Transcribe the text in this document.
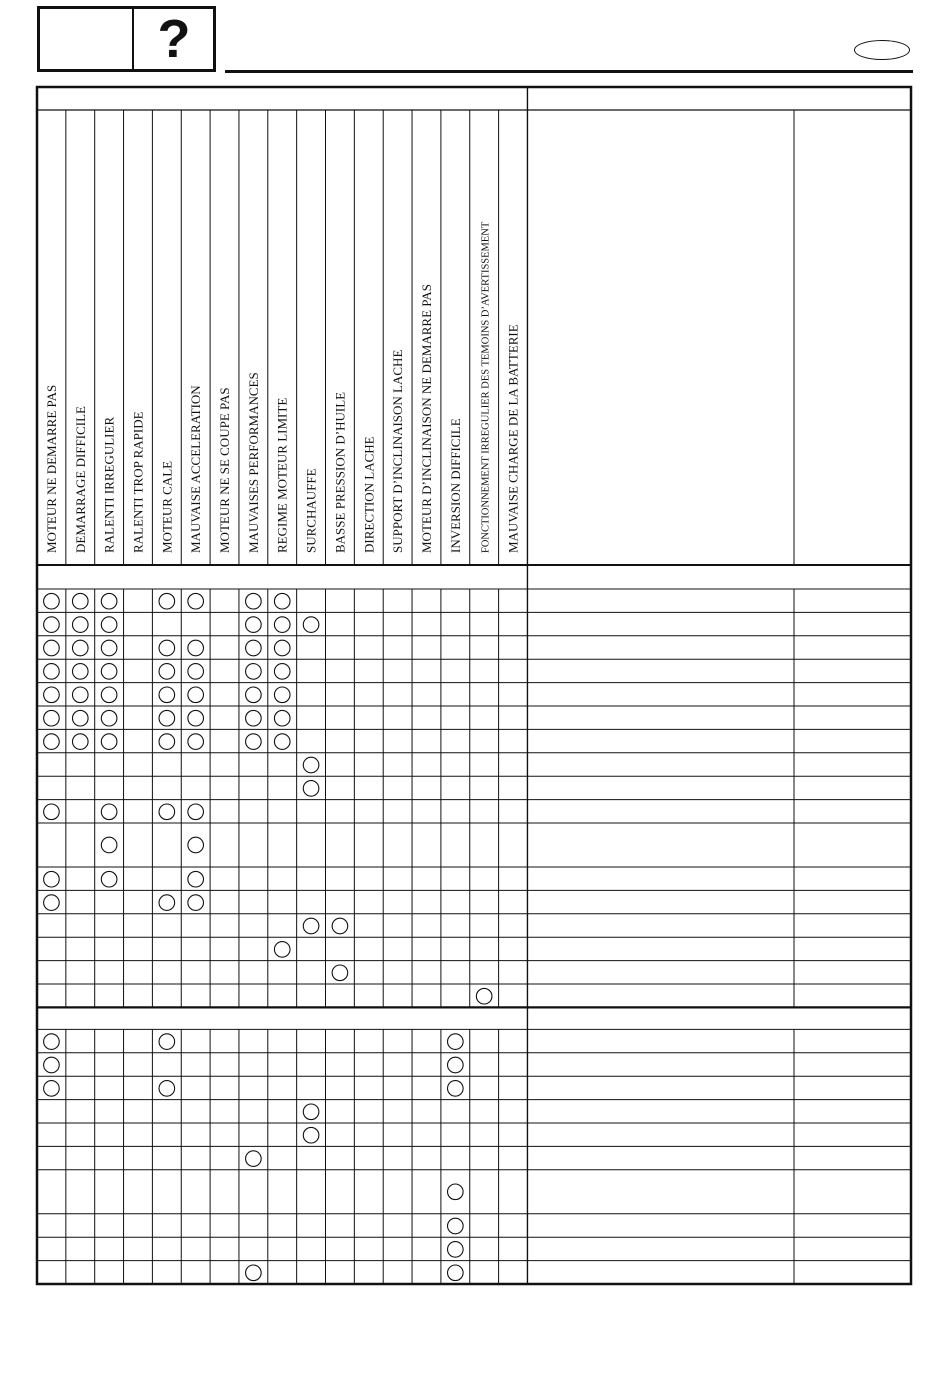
?
MOTEUR NE DEMARRE PAS DEMARRAGE DIFFICILE RALENTI IRREGULIER RALENTI TROP RAPIDE MOTEUR CALE MAUVAISE ACCELERATION MOTEUR NE SE COUPE PAS MAUVAISES PERFORMANCES REGIME MOTEUR LIMITE SURCHAUFFE BASSE PRESSION D’HUILE DIRECTION LACHE SUPPORT D’INCLINAISON LACHE MOTEUR D’INCLINAISON NE DEMARRE PAS INVERSION DIFFICILE FONCTIONNEMENT IRREGULIER DES TEMOINS D’AVERTISSEMENT MAUVAISE CHARGE DE LA BATTERIE
